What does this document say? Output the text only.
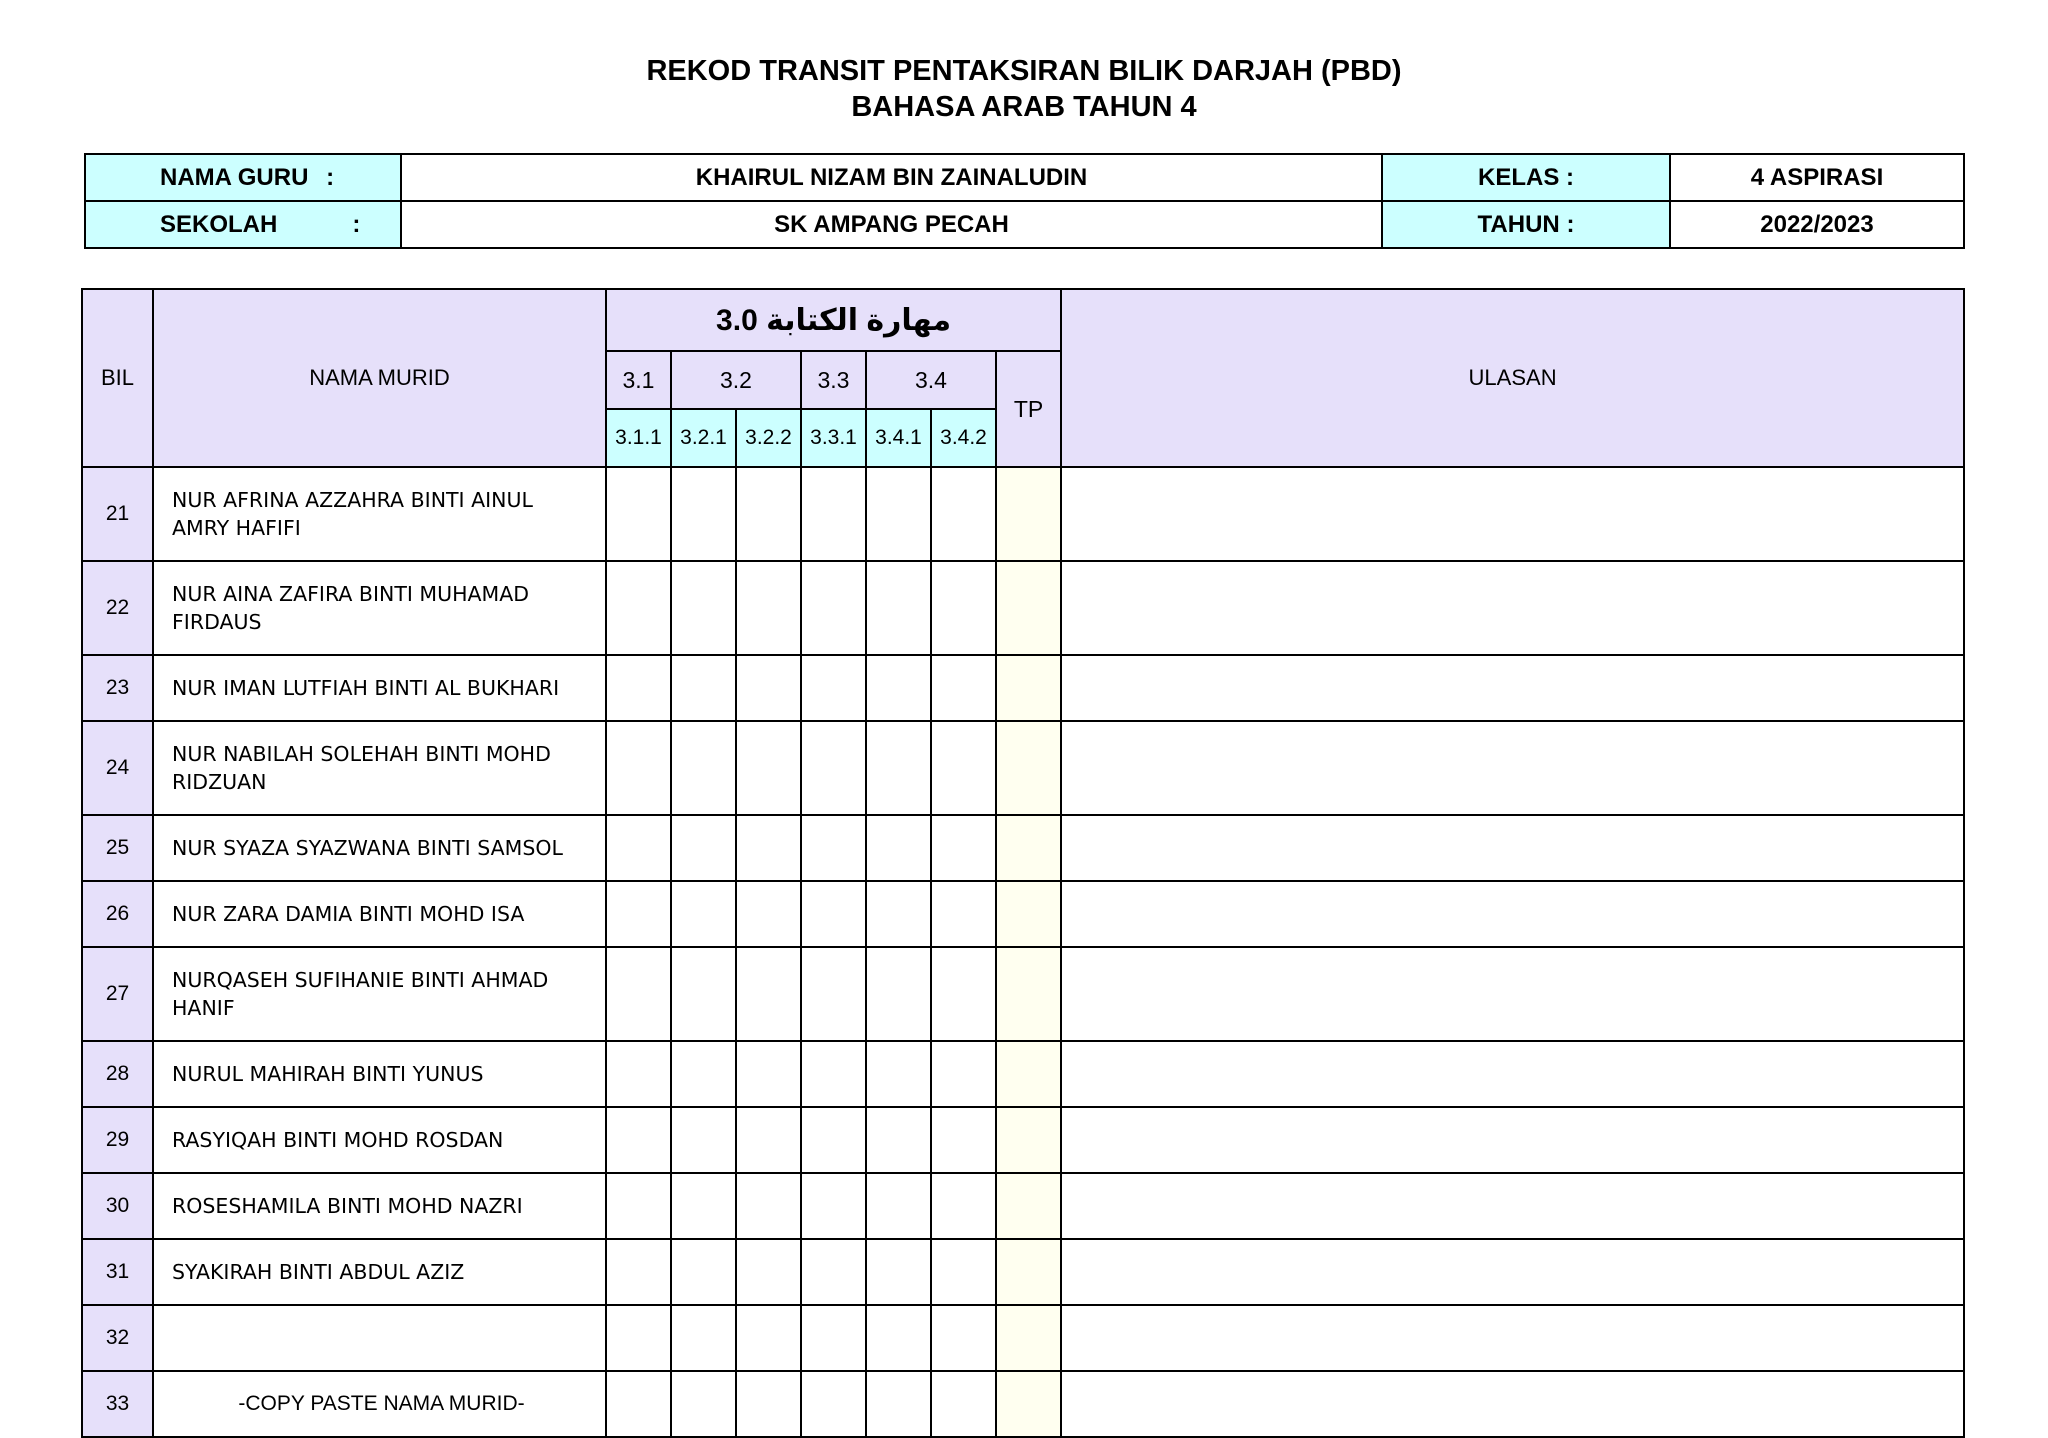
REKOD TRANSIT PENTAKSIRAN BILIK DARJAH (PBD)
BAHASA ARAB TAHUN 4
NAMA GURU :	KHAIRUL NIZAM BIN ZAINALUDIN	KELAS :	4 ASPIRASI
SEKOLAH :	SK AMPANG PECAH	TAHUN :	2022/2023
BIL	NAMA MURID	مهارة الكتابة 3.0							ULASAN
		3.1	3.2		3.3	3.4		TP	
		3.1.1	3.2.1	3.2.2	3.3.1	3.4.1	3.4.2		
21	NUR AFRINA AZZAHRA BINTI AINUL AMRY HAFIFI								
22	NUR AINA ZAFIRA BINTI MUHAMAD FIRDAUS								
23	NUR IMAN LUTFIAH BINTI AL BUKHARI								
24	NUR NABILAH SOLEHAH BINTI MOHD RIDZUAN								
25	NUR SYAZA SYAZWANA BINTI SAMSOL								
26	NUR ZARA DAMIA BINTI MOHD ISA								
27	NURQASEH SUFIHANIE BINTI AHMAD HANIF								
28	NURUL MAHIRAH BINTI YUNUS								
29	RASYIQAH BINTI MOHD ROSDAN								
30	ROSESHAMILA BINTI MOHD NAZRI								
31	SYAKIRAH BINTI ABDUL AZIZ								
32									
33	-COPY PASTE NAMA MURID-								
